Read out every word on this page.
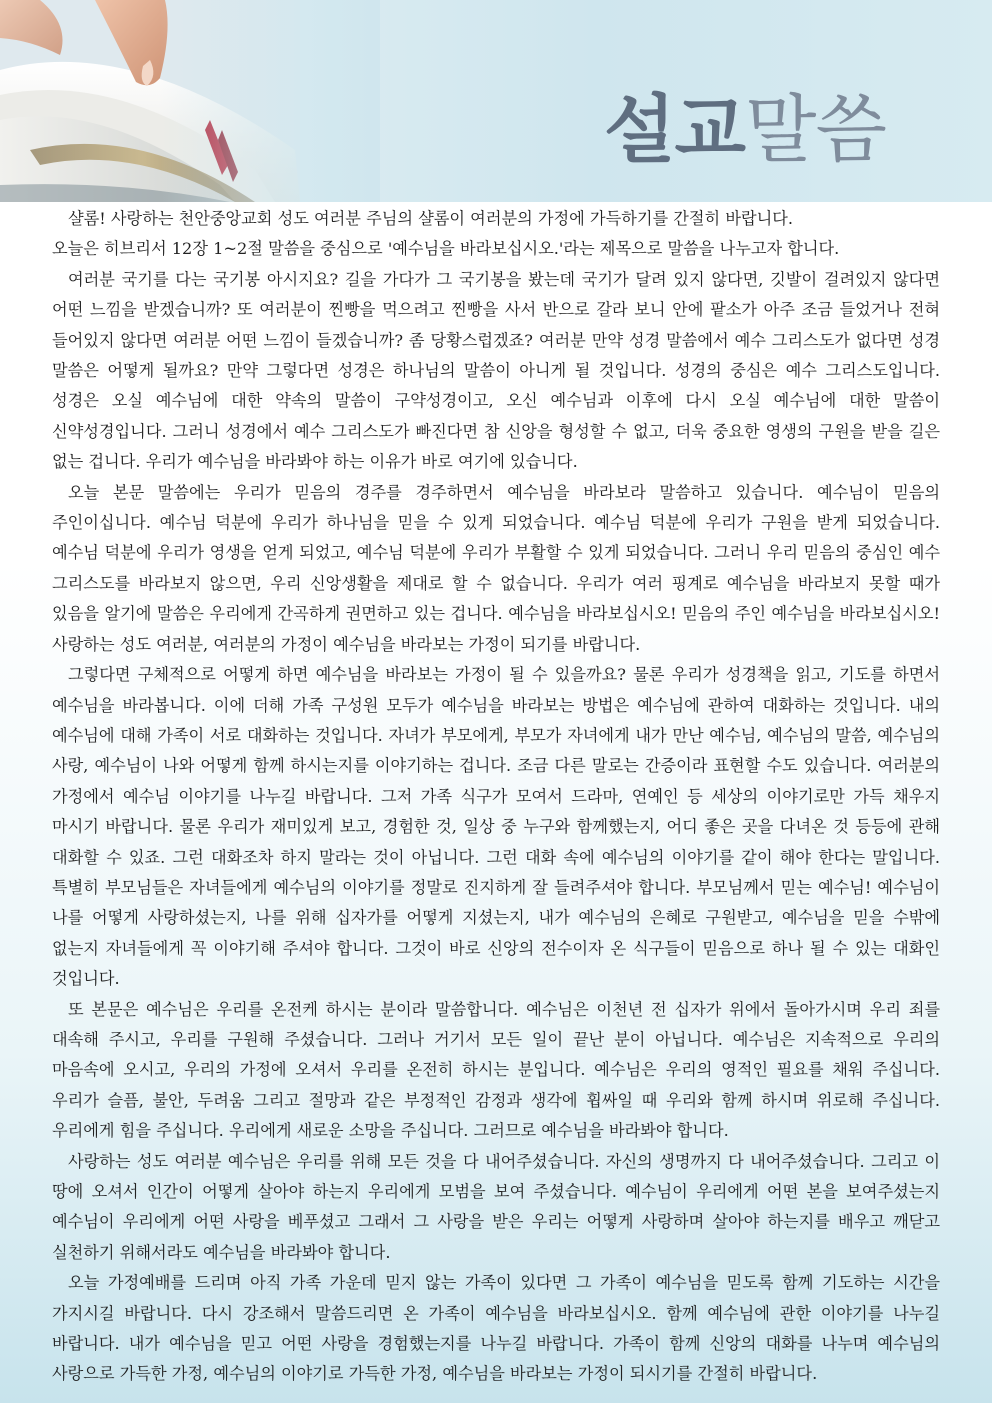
설교말씀

샬롬! 사랑하는 천안중앙교회 성도 여러분 주님의 샬롬이 여러분의 가정에 가득하기를 간절히 바랍니다.

오늘은 히브리서 12장 1~2절 말씀을 중심으로 '예수님을 바라보십시오.'라는 제목으로 말씀을 나누고자 합니다.

여러분 국기를 다는 국기봉 아시지요? 길을 가다가 그 국기봉을 봤는데 국기가 달려 있지 않다면, 깃발이 걸려있지 않다면 어떤 느낌을 받겠습니까? 또 여러분이 찐빵을 먹으려고 찐빵을 사서 반으로 갈라 보니 안에 팥소가 아주 조금 들었거나 전혀 들어있지 않다면 여러분 어떤 느낌이 들겠습니까? 좀 당황스럽겠죠? 여러분 만약 성경 말씀에서 예수 그리스도가 없다면 성경 말씀은 어떻게 될까요? 만약 그렇다면 성경은 하나님의 말씀이 아니게 될 것입니다. 성경의 중심은 예수 그리스도입니다. 성경은 오실 예수님에 대한 약속의 말씀이 구약성경이고, 오신 예수님과 이후에 다시 오실 예수님에 대한 말씀이 신약성경입니다. 그러니 성경에서 예수 그리스도가 빠진다면 참 신앙을 형성할 수 없고, 더욱 중요한 영생의 구원을 받을 길은 없는 겁니다. 우리가 예수님을 바라봐야 하는 이유가 바로 여기에 있습니다.

오늘 본문 말씀에는 우리가 믿음의 경주를 경주하면서 예수님을 바라보라 말씀하고 있습니다. 예수님이 믿음의 주인이십니다. 예수님 덕분에 우리가 하나님을 믿을 수 있게 되었습니다. 예수님 덕분에 우리가 구원을 받게 되었습니다. 예수님 덕분에 우리가 영생을 얻게 되었고, 예수님 덕분에 우리가 부활할 수 있게 되었습니다. 그러니 우리 믿음의 중심인 예수 그리스도를 바라보지 않으면, 우리 신앙생활을 제대로 할 수 없습니다. 우리가 여러 핑계로 예수님을 바라보지 못할 때가 있음을 알기에 말씀은 우리에게 간곡하게 권면하고 있는 겁니다. 예수님을 바라보십시오! 믿음의 주인 예수님을 바라보십시오! 사랑하는 성도 여러분, 여러분의 가정이 예수님을 바라보는 가정이 되기를 바랍니다.

그렇다면 구체적으로 어떻게 하면 예수님을 바라보는 가정이 될 수 있을까요? 물론 우리가 성경책을 읽고, 기도를 하면서 예수님을 바라봅니다. 이에 더해 가족 구성원 모두가 예수님을 바라보는 방법은 예수님에 관하여 대화하는 것입니다. 내의 예수님에 대해 가족이 서로 대화하는 것입니다. 자녀가 부모에게, 부모가 자녀에게 내가 만난 예수님, 예수님의 말씀, 예수님의 사랑, 예수님이 나와 어떻게 함께 하시는지를 이야기하는 겁니다. 조금 다른 말로는 간증이라 표현할 수도 있습니다. 여러분의 가정에서 예수님 이야기를 나누길 바랍니다. 그저 가족 식구가 모여서 드라마, 연예인 등 세상의 이야기로만 가득 채우지 마시기 바랍니다. 물론 우리가 재미있게 보고, 경험한 것, 일상 중 누구와 함께했는지, 어디 좋은 곳을 다녀온 것 등등에 관해 대화할 수 있죠. 그런 대화조차 하지 말라는 것이 아닙니다. 그런 대화 속에 예수님의 이야기를 같이 해야 한다는 말입니다. 특별히 부모님들은 자녀들에게 예수님의 이야기를 정말로 진지하게 잘 들려주셔야 합니다. 부모님께서 믿는 예수님! 예수님이 나를 어떻게 사랑하셨는지, 나를 위해 십자가를 어떻게 지셨는지, 내가 예수님의 은혜로 구원받고, 예수님을 믿을 수밖에 없는지 자녀들에게 꼭 이야기해 주셔야 합니다. 그것이 바로 신앙의 전수이자 온 식구들이 믿음으로 하나 될 수 있는 대화인 것입니다.

또 본문은 예수님은 우리를 온전케 하시는 분이라 말씀합니다. 예수님은 이천년 전 십자가 위에서 돌아가시며 우리 죄를 대속해 주시고, 우리를 구원해 주셨습니다. 그러나 거기서 모든 일이 끝난 분이 아닙니다. 예수님은 지속적으로 우리의 마음속에 오시고, 우리의 가정에 오셔서 우리를 온전히 하시는 분입니다. 예수님은 우리의 영적인 필요를 채워 주십니다. 우리가 슬픔, 불안, 두려움 그리고 절망과 같은 부정적인 감정과 생각에 휩싸일 때 우리와 함께 하시며 위로해 주십니다. 우리에게 힘을 주십니다. 우리에게 새로운 소망을 주십니다. 그러므로 예수님을 바라봐야 합니다.

사랑하는 성도 여러분 예수님은 우리를 위해 모든 것을 다 내어주셨습니다. 자신의 생명까지 다 내어주셨습니다. 그리고 이 땅에 오셔서 인간이 어떻게 살아야 하는지 우리에게 모범을 보여 주셨습니다. 예수님이 우리에게 어떤 본을 보여주셨는지 예수님이 우리에게 어떤 사랑을 베푸셨고 그래서 그 사랑을 받은 우리는 어떻게 사랑하며 살아야 하는지를 배우고 깨닫고 실천하기 위해서라도 예수님을 바라봐야 합니다.

오늘 가정예배를 드리며 아직 가족 가운데 믿지 않는 가족이 있다면 그 가족이 예수님을 믿도록 함께 기도하는 시간을 가지시길 바랍니다. 다시 강조해서 말씀드리면 온 가족이 예수님을 바라보십시오. 함께 예수님에 관한 이야기를 나누길 바랍니다. 내가 예수님을 믿고 어떤 사랑을 경험했는지를 나누길 바랍니다. 가족이 함께 신앙의 대화를 나누며 예수님의 사랑으로 가득한 가정, 예수님의 이야기로 가득한 가정, 예수님을 바라보는 가정이 되시기를 간절히 바랍니다.
